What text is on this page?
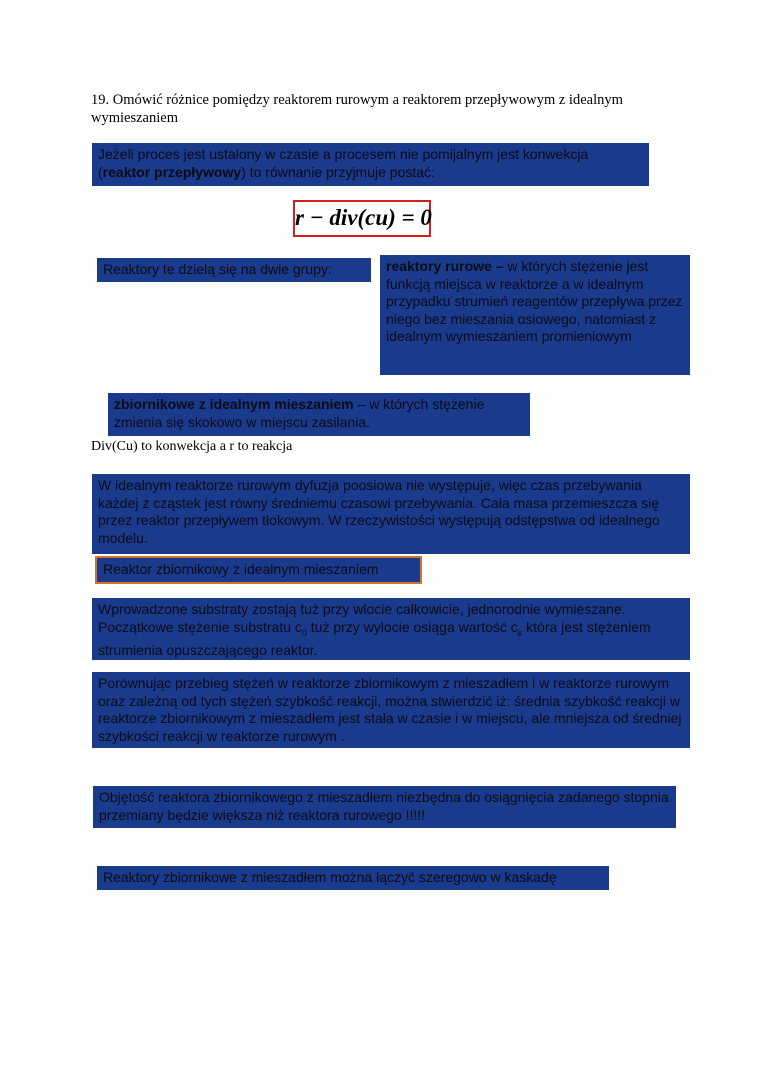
19. Omówić różnice pomiędzy reaktorem rurowym a reaktorem przepływowym z idealnym wymieszaniem
Jeżeli proces jest ustalony w czasie a procesem nie pomijalnym jest konwekcja (reaktor przepływowy) to równanie przyjmuje postać:
r − div(cu) = 0
Reaktory te dzielą się na dwie grupy:	reaktory rurowe – w których stężenie jest funkcją miejsca w reaktorze a w idealnym przypadku strumień reagentów przepływa przez niego bez mieszania osiowego, natomiast z idealnym wymieszaniem promieniowym
zbiornikowe z idealnym mieszaniem – w których stężenie zmienia się skokowo w miejscu zasilania.
Div(Cu) to konwekcja a r to reakcja
W idealnym reaktorze rurowym dyfuzja poosiowa nie występuje, więc czas przebywania każdej z cząstek jest równy średniemu czasowi przebywania. Cała masa przemieszcza się przez reaktor przepływem tłokowym. W rzeczywistości występują odstępstwa od idealnego modelu.
Reaktor zbiornikowy z idealnym mieszaniem
Wprowadzone substraty zostają tuż przy wlocie całkowicie, jednorodnie wymieszane. Początkowe stężenie substratu $c_0$ tuż przy wylocie osiąga wartość $c_k$ która jest stężeniem strumienia opuszczającego reaktor.
Porównując przebieg stężeń w reaktorze zbiornikowym z mieszadłem i w reaktorze rurowym oraz zależną od tych stężeń szybkość reakcji, można stwierdzić iż: średnia szybkość reakcji w reaktorze zbiornikowym z mieszadłem jest stała w czasie i w miejscu, ale mniejsza od średniej szybkości reakcji w reaktorze rurowym .
Objętość reaktora zbiornikowego z mieszadłem niezbędna do osiągnięcia zadanego stopnia przemiany będzie większa niż reaktora rurowego !!!!!
Reaktory zbiornikowe z mieszadłem można łączyć szeregowo w kaskadę
